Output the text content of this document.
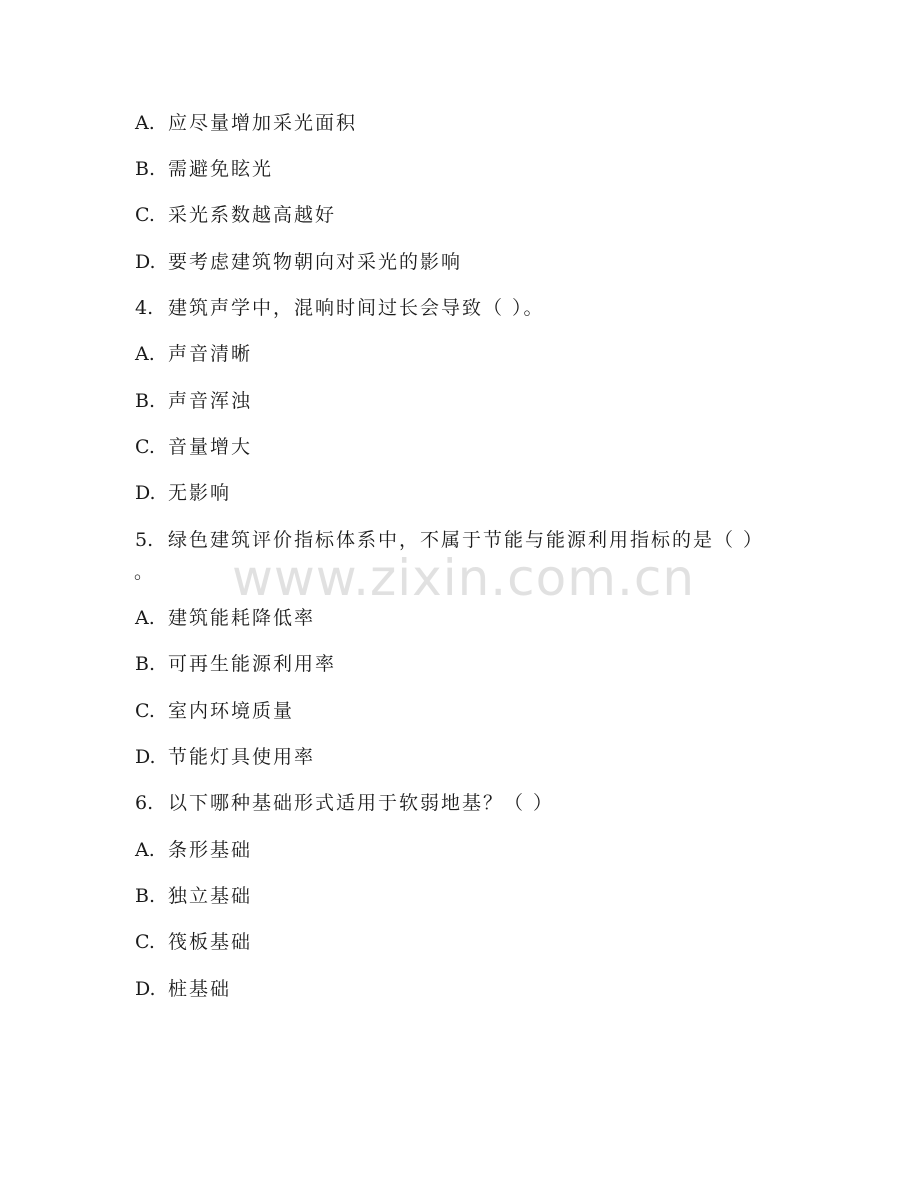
A. 应尽量增加采光面积
B. 需避免眩光
C. 采光系数越高越好
D. 要考虑建筑物朝向对采光的影响
4. 建筑声学中，混响时间过长会导致（ ）。
A. 声音清晰
B. 声音浑浊
C. 音量增大
D. 无影响
5. 绿色建筑评价指标体系中，不属于节能与能源利用指标的是（ ）
。
A. 建筑能耗降低率
B. 可再生能源利用率
C. 室内环境质量
D. 节能灯具使用率
6. 以下哪种基础形式适用于软弱地基？（ ）
A. 条形基础
B. 独立基础
C. 筏板基础
D. 桩基础
www.zixin.com.cn
